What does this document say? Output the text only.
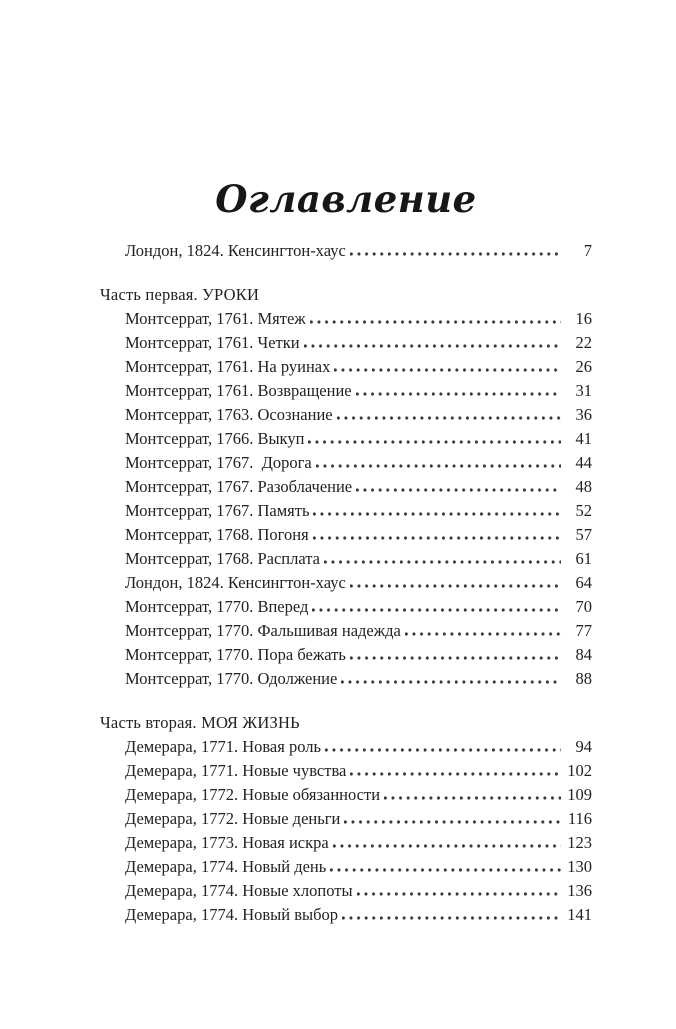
Оглавление
Лондон, 1824. Кенсингтон-хаус	7
Часть первая. УРОКИ
Монтсеррат, 1761. Мятеж	16
Монтсеррат, 1761. Четки	22
Монтсеррат, 1761. На руинах	26
Монтсеррат, 1761. Возвращение	31
Монтсеррат, 1763. Осознание	36
Монтсеррат, 1766. Выкуп	41
Монтсеррат, 1767.  Дорога	44
Монтсеррат, 1767. Разоблачение	48
Монтсеррат, 1767. Память	52
Монтсеррат, 1768. Погоня	57
Монтсеррат, 1768. Расплата	61
Лондон, 1824. Кенсингтон-хаус	64
Монтсеррат, 1770. Вперед	70
Монтсеррат, 1770. Фальшивая надежда	77
Монтсеррат, 1770. Пора бежать	84
Монтсеррат, 1770. Одолжение	88
Часть вторая. МОЯ ЖИЗНЬ
Демерара, 1771. Новая роль	94
Демерара, 1771. Новые чувства	102
Демерара, 1772. Новые обязанности	109
Демерара, 1772. Новые деньги	116
Демерара, 1773. Новая искра	123
Демерара, 1774. Новый день	130
Демерара, 1774. Новые хлопоты	136
Демерара, 1774. Новый выбор	141
